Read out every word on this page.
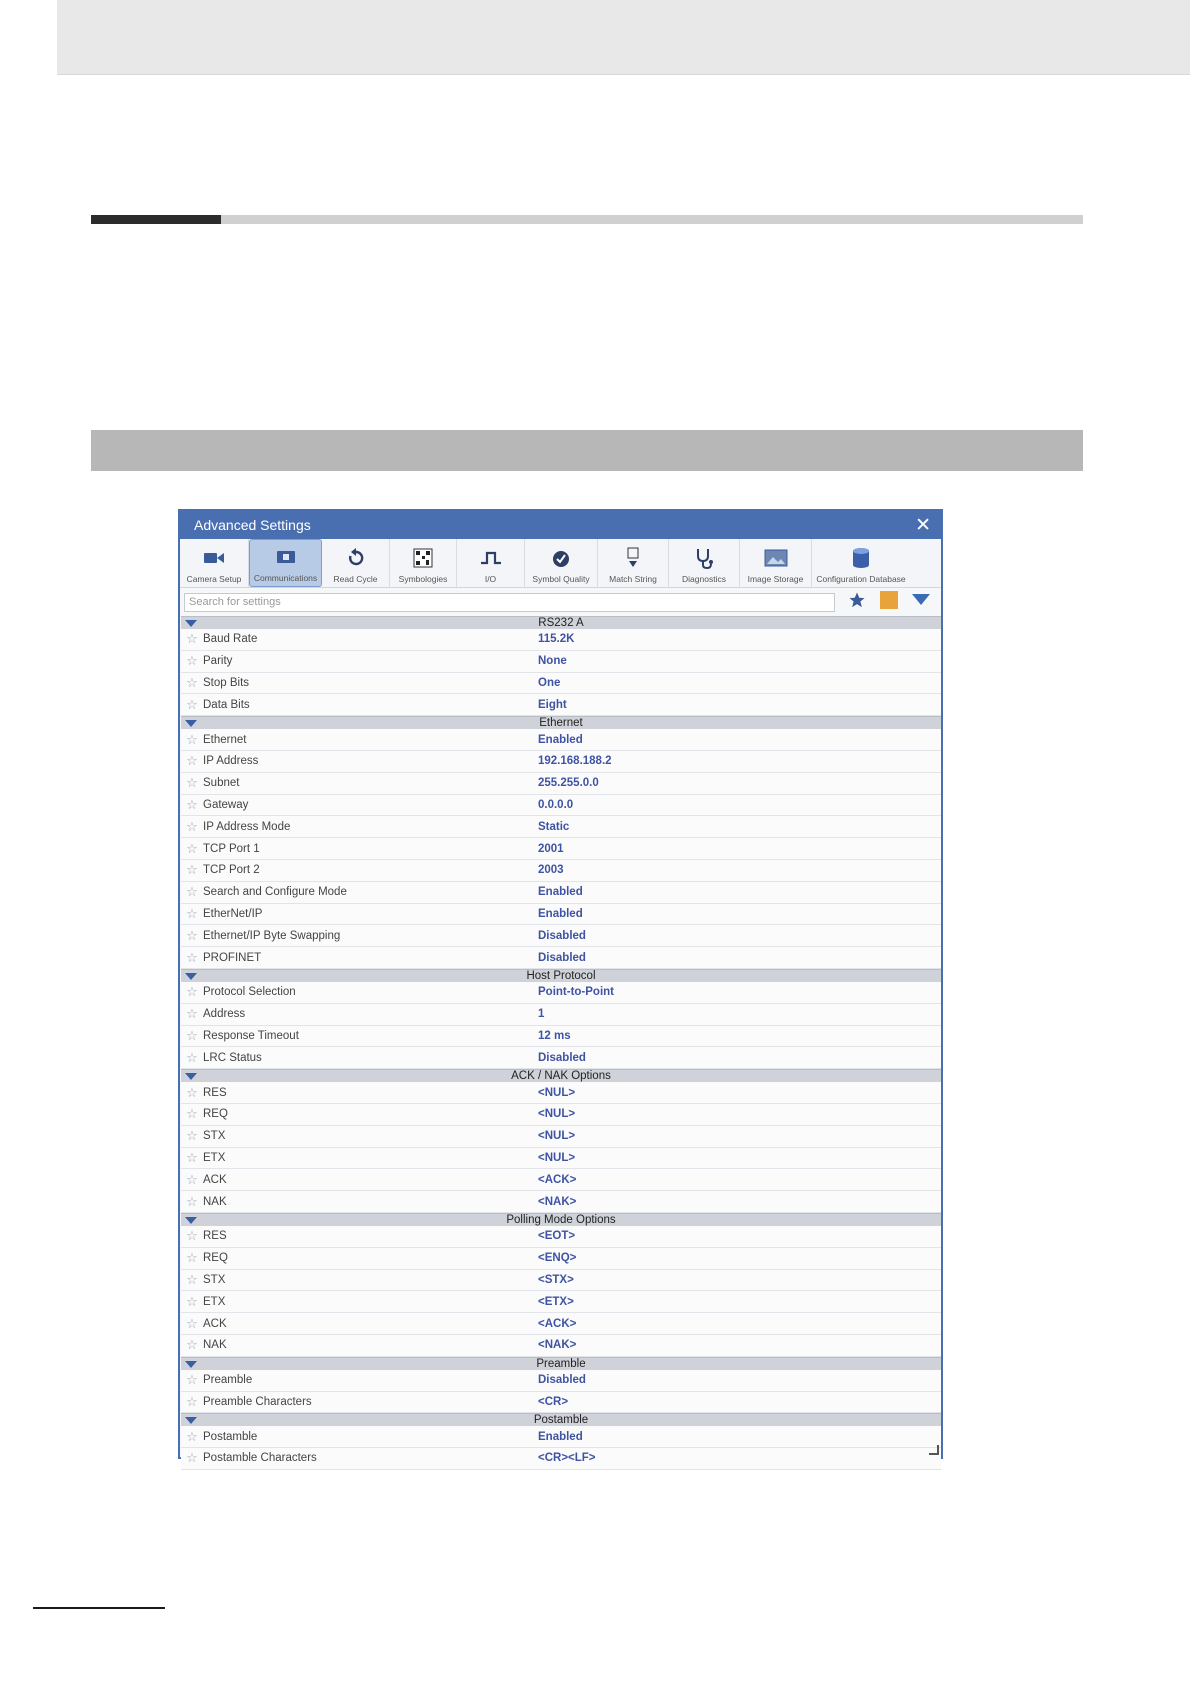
Advanced Settings	✕
Camera Setup Communications Read Cycle Symbologies	I/O	Symbol Quality Match String	Diagnostics	Image Storage Configuration Database
Search for settings
RS232 A
☆ Baud Rate	115.2K
☆ Parity	None
☆ Stop Bits	One
☆ Data Bits	Eight
Ethernet
☆ Ethernet	Enabled
☆ IP Address	192.168.188.2
☆ Subnet	255.255.0.0
☆ Gateway	0.0.0.0
☆ IP Address Mode	Static
☆ TCP Port 1	2001
☆ TCP Port 2	2003
☆ Search and Configure Mode	Enabled
☆ EtherNet/IP	Enabled
☆ Ethernet/IP Byte Swapping	Disabled
☆ PROFINET	Disabled
Host Protocol
☆ Protocol Selection	Point-to-Point
☆ Address	1
☆ Response Timeout	12 ms
☆ LRC Status	Disabled
ACK / NAK Options
☆ RES	<NUL>
☆ REQ	<NUL>
☆ STX	<NUL>
☆ ETX	<NUL>
☆ ACK	<ACK>
☆ NAK	<NAK>
Polling Mode Options
☆ RES	<EOT>
☆ REQ	<ENQ>
☆ STX	<STX>
☆ ETX	<ETX>
☆ ACK	<ACK>
☆ NAK	<NAK>
Preamble
☆ Preamble	Disabled
☆ Preamble Characters	<CR>
Postamble
☆ Postamble	Enabled
☆ Postamble Characters	<CR><LF>
